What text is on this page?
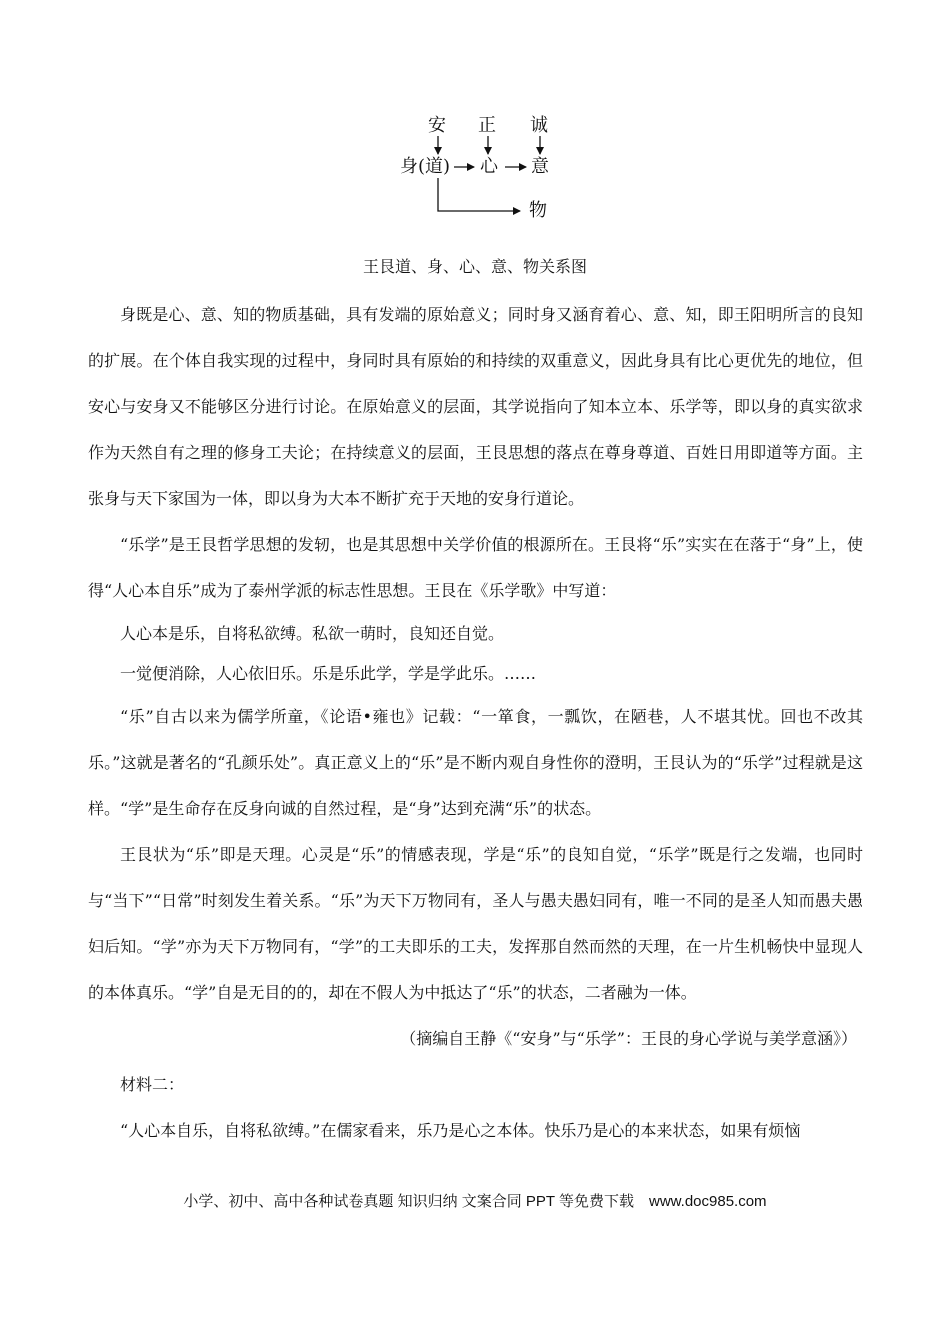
安 正 诚
身(道) 心 意
物
王艮道、身、心、意、物关系图

身既是心、意、知的物质基础，具有发端的原始意义；同时身又涵育着心、意、知，即王阳明所言的良知的扩展。在个体自我实现的过程中，身同时具有原始的和持续的双重意义，因此身具有比心更优先的地位，但安心与安身又不能够区分进行讨论。在原始意义的层面，其学说指向了知本立本、乐学等，即以身的真实欲求作为天然自有之理的修身工夫论；在持续意义的层面，王艮思想的落点在尊身尊道、百姓日用即道等方面。主张身与天下家国为一体，即以身为大本不断扩充于天地的安身行道论。

“乐学”是王艮哲学思想的发轫，也是其思想中关学价值的根源所在。王艮将“乐”实实在在落于“身”上，使得“人心本自乐”成为了泰州学派的标志性思想。王艮在《乐学歌》中写道：

人心本是乐，自将私欲缚。私欲一萌时，良知还自觉。

一觉便消除，人心依旧乐。乐是乐此学，学是学此乐。……

“乐”自古以来为儒学所童，《论语•雍也》记载：“一箪食，一瓢饮，在陋巷，人不堪其忧。回也不改其乐。”这就是著名的“孔颜乐处”。真正意义上的“乐”是不断内观自身性你的澄明，王艮认为的“乐学”过程就是这样。“学”是生命存在反身向诚的自然过程，是“身”达到充满“乐”的状态。

王艮状为“乐”即是天理。心灵是“乐”的情感表现，学是“乐”的良知自觉，“乐学”既是行之发端，也同时与“当下”“日常”时刻发生着关系。“乐”为天下万物同有，圣人与愚夫愚妇同有，唯一不同的是圣人知而愚夫愚妇后知。“学”亦为天下万物同有，“学”的工夫即乐的工夫，发挥那自然而然的天理，在一片生机畅快中显现人的本体真乐。“学”自是无目的的，却在不假人为中抵达了“乐”的状态，二者融为一体。

（摘编自王静《“安身”与“乐学”：王艮的身心学说与美学意涵》）

材料二：

“人心本自乐，自将私欲缚。”在儒家看来，乐乃是心之本体。快乐乃是心的本来状态，如果有烦恼

小学、初中、高中各种试卷真题 知识归纳 文案合同 PPT 等免费下载　www.doc985.com
